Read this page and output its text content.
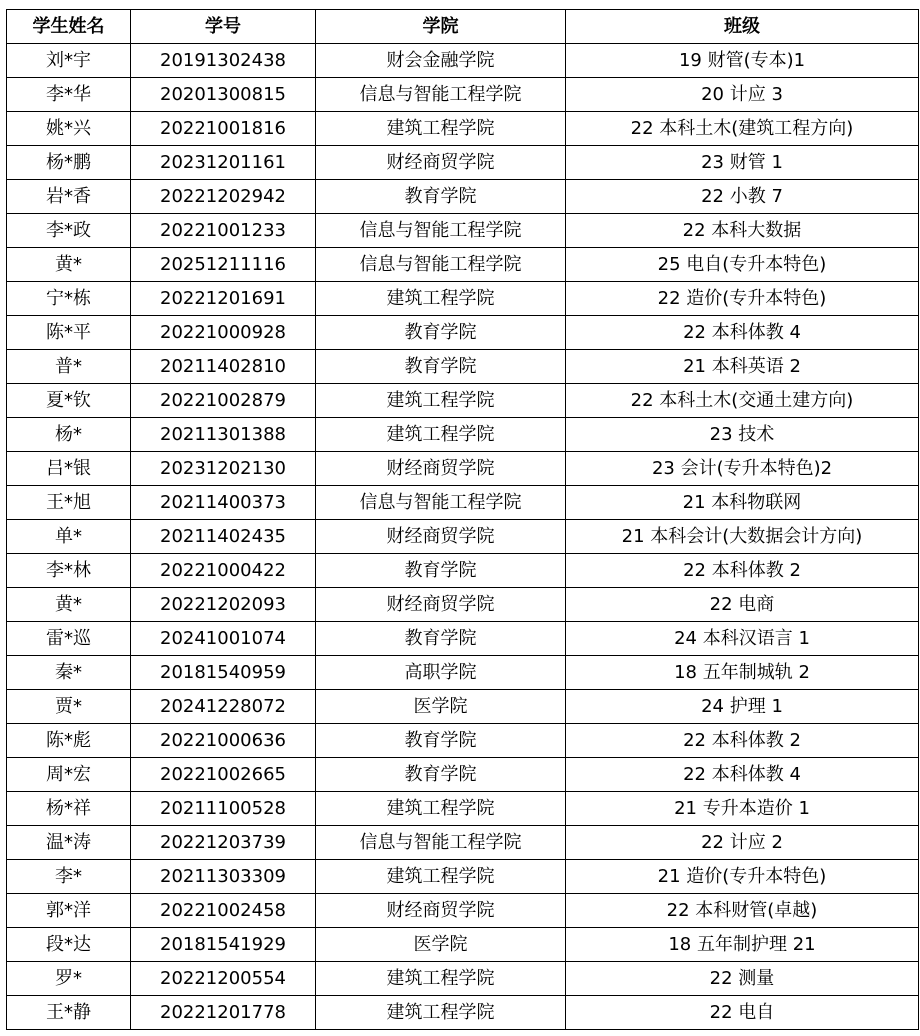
学生姓名	学号	学院	班级
刘*宇	20191302438	财会金融学院	19 财管(专本)1
李*华	20201300815	信息与智能工程学院	20 计应 3
姚*兴	20221001816	建筑工程学院	22 本科土木(建筑工程方向)
杨*鹏	20231201161	财经商贸学院	23 财管 1
岩*香	20221202942	教育学院	22 小教 7
李*政	20221001233	信息与智能工程学院	22 本科大数据
黄*	20251211116	信息与智能工程学院	25 电自(专升本特色)
宁*栋	20221201691	建筑工程学院	22 造价(专升本特色)
陈*平	20221000928	教育学院	22 本科体教 4
普*	20211402810	教育学院	21 本科英语 2
夏*钦	20221002879	建筑工程学院	22 本科土木(交通土建方向)
杨*	20211301388	建筑工程学院	23 技术
吕*银	20231202130	财经商贸学院	23 会计(专升本特色)2
王*旭	20211400373	信息与智能工程学院	21 本科物联网
单*	20211402435	财经商贸学院	21 本科会计(大数据会计方向)
李*林	20221000422	教育学院	22 本科体教 2
黄*	20221202093	财经商贸学院	22 电商
雷*巡	20241001074	教育学院	24 本科汉语言 1
秦*	20181540959	高职学院	18 五年制城轨 2
贾*	20241228072	医学院	24 护理 1
陈*彪	20221000636	教育学院	22 本科体教 2
周*宏	20221002665	教育学院	22 本科体教 4
杨*祥	20211100528	建筑工程学院	21 专升本造价 1
温*涛	20221203739	信息与智能工程学院	22 计应 2
李*	20211303309	建筑工程学院	21 造价(专升本特色)
郭*洋	20221002458	财经商贸学院	22 本科财管(卓越)
段*达	20181541929	医学院	18 五年制护理 21
罗*	20221200554	建筑工程学院	22 测量
王*静	20221201778	建筑工程学院	22 电自
